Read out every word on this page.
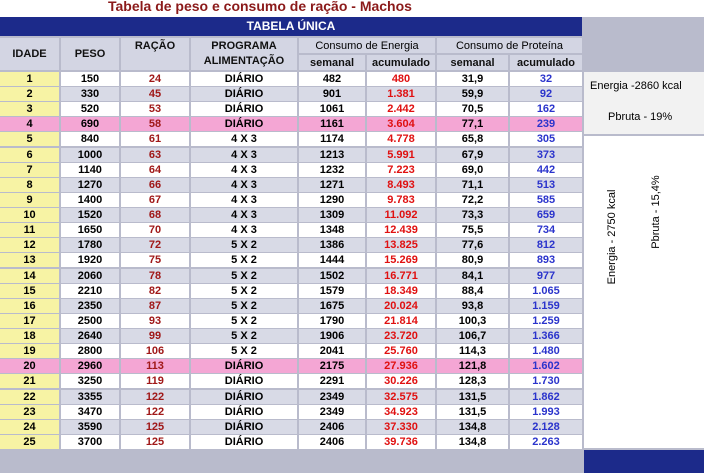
Tabela de peso e consumo de ração - Machos
TABELA ÚNICA
IDADE	PESO
RAÇÃO	PROGRAMA
ALIMENTAÇÃO
Consumo de Energia	Consumo de Proteína
semanal	acumulado	semanal	acumulado
Energia -2860 kcal
Pbruta - 19%
Energia - 2750 kcal	Pbruta - 15,4%
1	150	24	DIÁRIO	482	480	31,9	32
2	330	45	DIÁRIO	901	1.381	59,9	92
3	520	53	DIÁRIO	1061	2.442	70,5	162
4	690	58	DIÁRIO	1161	3.604	77,1	239
5	840	61	4 X 3	1174	4.778	65,8	305
6	1000	63	4 X 3	1213	5.991	67,9	373
7	1140	64	4 X 3	1232	7.223	69,0	442
8	1270	66	4 X 3	1271	8.493	71,1	513
9	1400	67	4 X 3	1290	9.783	72,2	585
10	1520	68	4 X 3	1309	11.092	73,3	659
11	1650	70	4 X 3	1348	12.439	75,5	734
12	1780	72	5 X 2	1386	13.825	77,6	812
13	1920	75	5 X 2	1444	15.269	80,9	893
14	2060	78	5 X 2	1502	16.771	84,1	977
15	2210	82	5 X 2	1579	18.349	88,4	1.065
16	2350	87	5 X 2	1675	20.024	93,8	1.159
17	2500	93	5 X 2	1790	21.814	100,3	1.259
18	2640	99	5 X 2	1906	23.720	106,7	1.366
19	2800	106	5 X 2	2041	25.760	114,3	1.480
20	2960	113	DIÁRIO	2175	27.936	121,8	1.602
21	3250	119	DIÁRIO	2291	30.226	128,3	1.730
22	3355	122	DIÁRIO	2349	32.575	131,5	1.862
23	3470	122	DIÁRIO	2349	34.923	131,5	1.993
24	3590	125	DIÁRIO	2406	37.330	134,8	2.128
25	3700	125	DIÁRIO	2406	39.736	134,8	2.263
